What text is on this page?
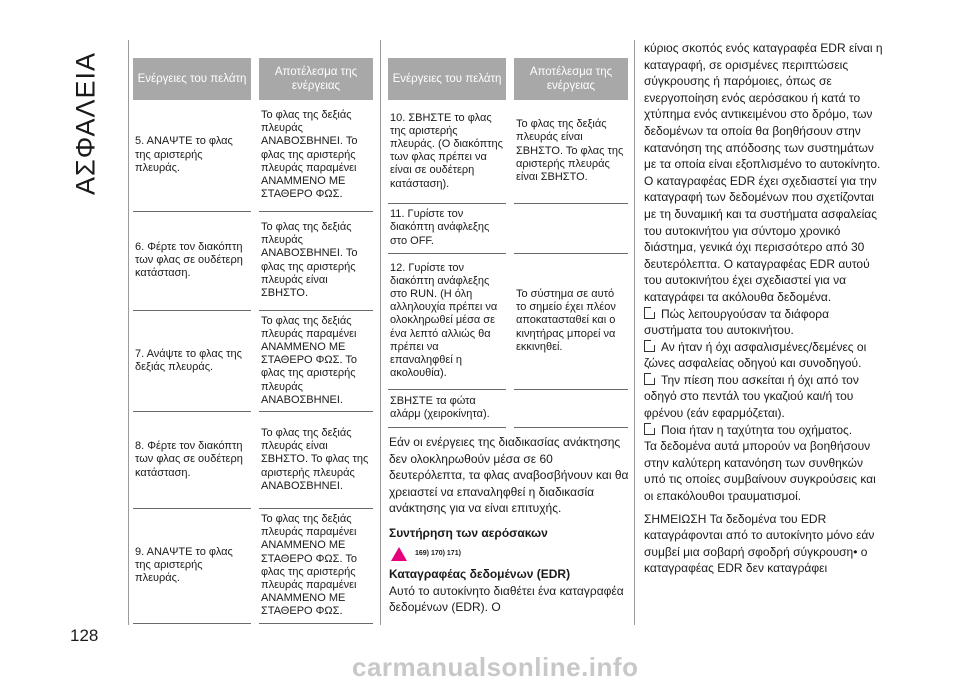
ΑΣΦΑΛΕΙΑ
128
Ενέργειες του πελάτη	Αποτέλεσμα της ενέργειας
5. ΑΝΑΨΤΕ το φλας της αριστερής πλευράς.	Το φλας της δεξιάς πλευράς ΑΝΑΒΟΣΒΗΝΕΙ. Το φλας της αριστερής πλευράς παραμένει ΑΝΑΜΜΕΝΟ ΜΕ ΣΤΑΘΕΡΟ ΦΩΣ.
6. Φέρτε τον διακόπτη των φλας σε ουδέτερη κατάσταση.	Το φλας της δεξιάς πλευράς ΑΝΑΒΟΣΒΗΝΕΙ. Το φλας της αριστερής πλευράς είναι ΣΒΗΣΤΟ.
7. Ανάψτε το φλας της δεξιάς πλευράς.	Το φλας της δεξιάς πλευράς παραμένει ΑΝΑΜΜΕΝΟ ΜΕ ΣΤΑΘΕΡΟ ΦΩΣ. Το φλας της αριστερής πλευράς ΑΝΑΒΟΣΒΗΝΕΙ.
8. Φέρτε τον διακόπτη των φλας σε ουδέτερη κατάσταση.	Το φλας της δεξιάς πλευράς είναι ΣΒΗΣΤΟ. Το φλας της αριστερής πλευράς ΑΝΑΒΟΣΒΗΝΕΙ.
9. ΑΝΑΨΤΕ το φλας της αριστερής πλευράς.	Το φλας της δεξιάς πλευράς παραμένει ΑΝΑΜΜΕΝΟ ΜΕ ΣΤΑΘΕΡΟ ΦΩΣ. Το φλας της αριστερής πλευράς παραμένει ΑΝΑΜΜΕΝΟ ΜΕ ΣΤΑΘΕΡΟ ΦΩΣ.
Ενέργειες του πελάτη	Αποτέλεσμα της ενέργειας
10. ΣΒΗΣΤΕ το φλας της αριστερής πλευράς. (Ο διακόπτης των φλας πρέπει να είναι σε ουδέτερη κατάσταση).	Το φλας της δεξιάς πλευράς είναι ΣΒΗΣΤΟ. Το φλας της αριστερής πλευράς είναι ΣΒΗΣΤΟ.
11. Γυρίστε τον διακόπτη ανάφλεξης στο OFF.	
12. Γυρίστε τον διακόπτη ανάφλεξης στο RUN. (Η όλη αλληλουχία πρέπει να ολοκληρωθεί μέσα σε ένα λεπτό αλλιώς θα πρέπει να επαναληφθεί η ακολουθία).	Το σύστημα σε αυτό το σημείο έχει πλέον αποκατασταθεί και ο κινητήρας μπορεί να εκκινηθεί.
ΣΒΗΣΤΕ τα φώτα αλάρμ (χειροκίνητα).	

Εάν οι ενέργειες της διαδικασίας ανάκτησης δεν ολοκληρωθούν μέσα σε 60 δευτερόλεπτα, τα φλας αναβοσβήνουν και θα χρειαστεί να επαναληφθεί η διαδικασία ανάκτησης για να είναι επιτυχής.

Συντήρηση των αερόσακων

169) 170) 171)

Καταγραφέας δεδομένων (EDR)

Αυτό το αυτοκίνητο διαθέτει ένα καταγραφέα δεδομένων (EDR). Ο

κύριος σκοπός ενός καταγραφέα EDR είναι η καταγραφή, σε ορισμένες περιπτώσεις σύγκρουσης ή παρόμοιες, όπως σε ενεργοποίηση ενός αερόσακου ή κατά το χτύπημα ενός αντικειμένου στο δρόμο, των δεδομένων τα οποία θα βοηθήσουν στην κατανόηση της απόδοσης των συστημάτων με τα οποία είναι εξοπλισμένο το αυτοκίνητο. Ο καταγραφέας EDR έχει σχεδιαστεί για την καταγραφή των δεδομένων που σχετίζονται με τη δυναμική και τα συστήματα ασφαλείας του αυτοκινήτου για σύντομο χρονικό διάστημα, γενικά όχι περισσότερο από 30 δευτερόλεπτα. Ο καταγραφέας EDR αυτού του αυτοκινήτου έχει σχεδιαστεί για να καταγράφει τα ακόλουθα δεδομένα.

Πώς λειτουργούσαν τα διάφορα συστήματα του αυτοκινήτου.

Αν ήταν ή όχι ασφαλισμένες/δεμένες οι ζώνες ασφαλείας οδηγού και συνοδηγού.

Την πίεση που ασκείται ή όχι από τον οδηγό στο πεντάλ του γκαζιού και/ή του φρένου (εάν εφαρμόζεται).

Ποια ήταν η ταχύτητα του οχήματος.

Τα δεδομένα αυτά μπορούν να βοηθήσουν στην καλύτερη κατανόηση των συνθηκών υπό τις οποίες συμβαίνουν συγκρούσεις και οι επακόλουθοι τραυματισμοί.

ΣΗΜΕΙΩΣΗ Τα δεδομένα του EDR καταγράφονται από το αυτοκίνητο μόνο εάν συμβεί μια σοβαρή σφοδρή σύγκρουση• ο καταγραφέας EDR δεν καταγράφει

carmanualsonline.info
